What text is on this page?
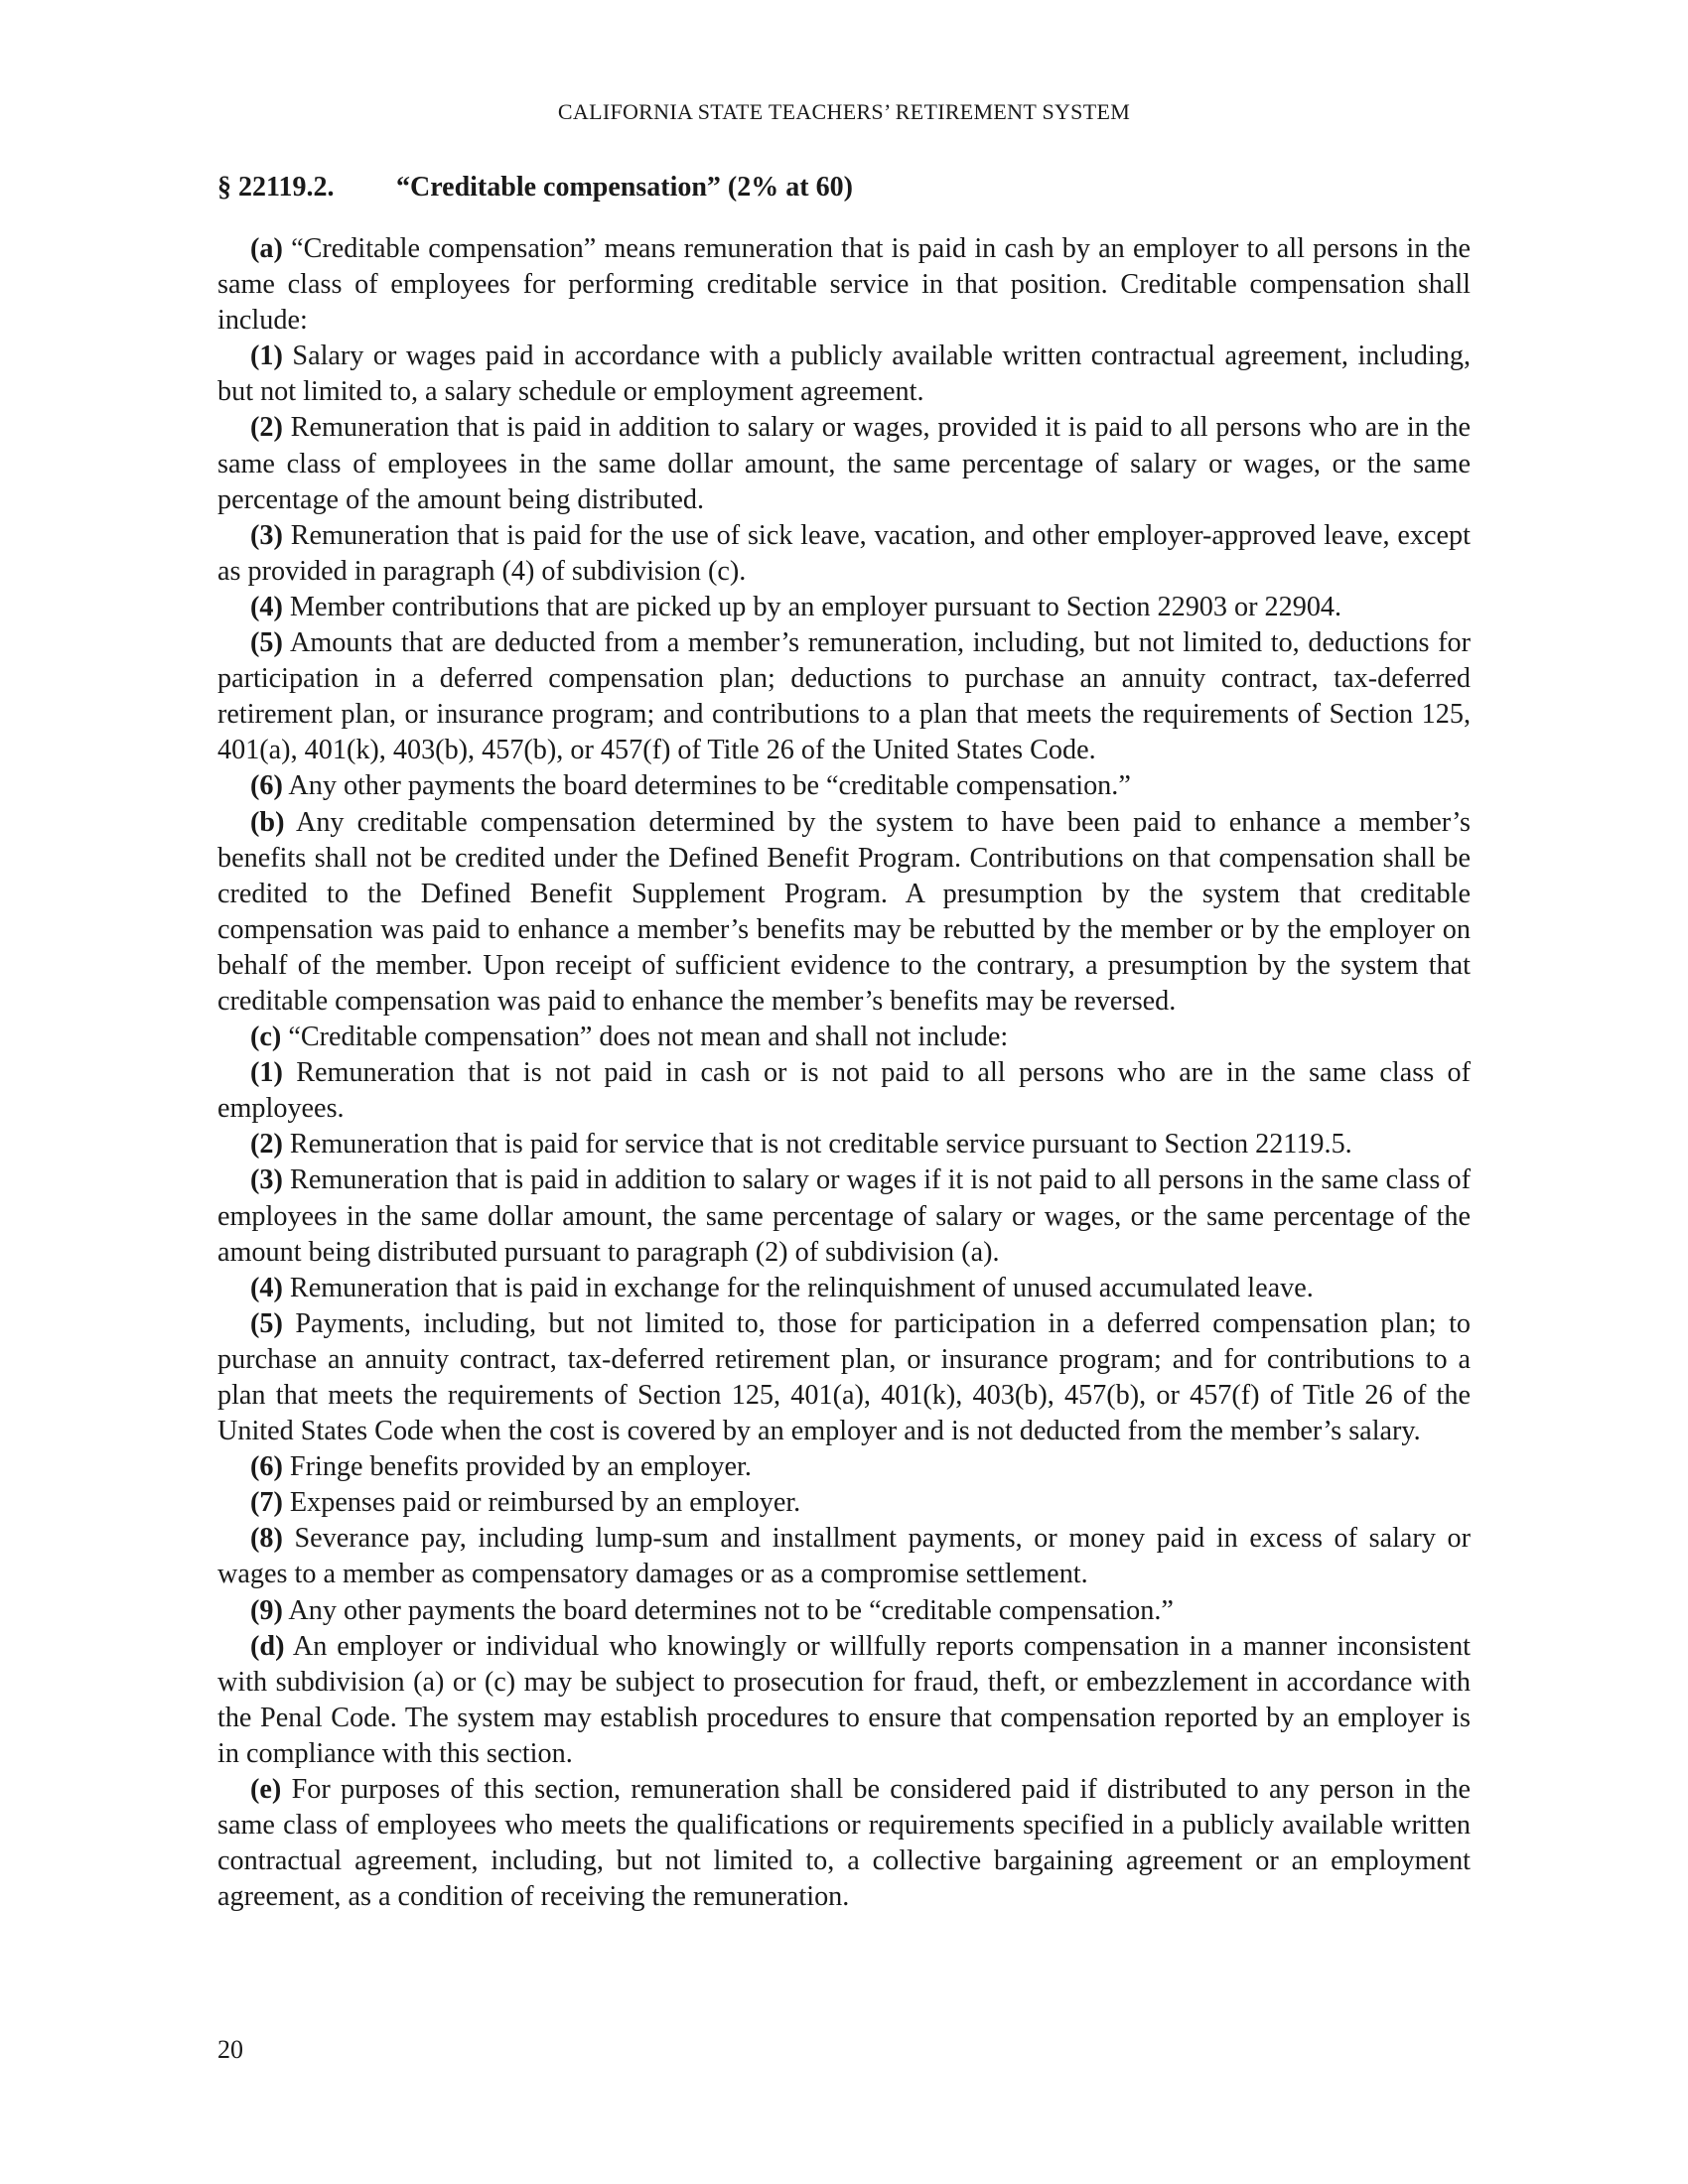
CALIFORNIA STATE TEACHERS’ RETIREMENT SYSTEM
§ 22119.2. “Creditable compensation” (2% at 60)

(a) “Creditable compensation” means remuneration that is paid in cash by an employer to all persons in the same class of employees for performing creditable service in that position. Creditable compensation shall include:

(1) Salary or wages paid in accordance with a publicly available written contractual agreement, including, but not limited to, a salary schedule or employment agreement.

(2) Remuneration that is paid in addition to salary or wages, provided it is paid to all persons who are in the same class of employees in the same dollar amount, the same percentage of salary or wages, or the same percentage of the amount being distributed.

(3) Remuneration that is paid for the use of sick leave, vacation, and other employer-approved leave, except as provided in paragraph (4) of subdivision (c).

(4) Member contributions that are picked up by an employer pursuant to Section 22903 or 22904.

(5) Amounts that are deducted from a member’s remuneration, including, but not limited to, deductions for participation in a deferred compensation plan; deductions to purchase an annuity contract, tax-deferred retirement plan, or insurance program; and contributions to a plan that meets the requirements of Section 125, 401(a), 401(k), 403(b), 457(b), or 457(f) of Title 26 of the United States Code.

(6) Any other payments the board determines to be “creditable compensation.”

(b) Any creditable compensation determined by the system to have been paid to enhance a member’s benefits shall not be credited under the Defined Benefit Program. Contributions on that compensation shall be credited to the Defined Benefit Supplement Program. A presumption by the system that creditable compensation was paid to enhance a member’s benefits may be rebutted by the member or by the employer on behalf of the member. Upon receipt of sufficient evidence to the contrary, a presumption by the system that creditable compensation was paid to enhance the member’s benefits may be reversed.

(c) “Creditable compensation” does not mean and shall not include:

(1) Remuneration that is not paid in cash or is not paid to all persons who are in the same class of employees.

(2) Remuneration that is paid for service that is not creditable service pursuant to Section 22119.5.

(3) Remuneration that is paid in addition to salary or wages if it is not paid to all persons in the same class of employees in the same dollar amount, the same percentage of salary or wages, or the same percentage of the amount being distributed pursuant to paragraph (2) of subdivision (a).

(4) Remuneration that is paid in exchange for the relinquishment of unused accumulated leave.

(5) Payments, including, but not limited to, those for participation in a deferred compensation plan; to purchase an annuity contract, tax-deferred retirement plan, or insurance program; and for contributions to a plan that meets the requirements of Section 125, 401(a), 401(k), 403(b), 457(b), or 457(f) of Title 26 of the United States Code when the cost is covered by an employer and is not deducted from the member’s salary.

(6) Fringe benefits provided by an employer.

(7) Expenses paid or reimbursed by an employer.

(8) Severance pay, including lump-sum and installment payments, or money paid in excess of salary or wages to a member as compensatory damages or as a compromise settlement.

(9) Any other payments the board determines not to be “creditable compensation.”

(d) An employer or individual who knowingly or willfully reports compensation in a manner inconsistent with subdivision (a) or (c) may be subject to prosecution for fraud, theft, or embezzlement in accordance with the Penal Code. The system may establish procedures to ensure that compensation reported by an employer is in compliance with this section.

(e) For purposes of this section, remuneration shall be considered paid if distributed to any person in the same class of employees who meets the qualifications or requirements specified in a publicly available written contractual agreement, including, but not limited to, a collective bargaining agreement or an employment agreement, as a condition of receiving the remuneration.

20
